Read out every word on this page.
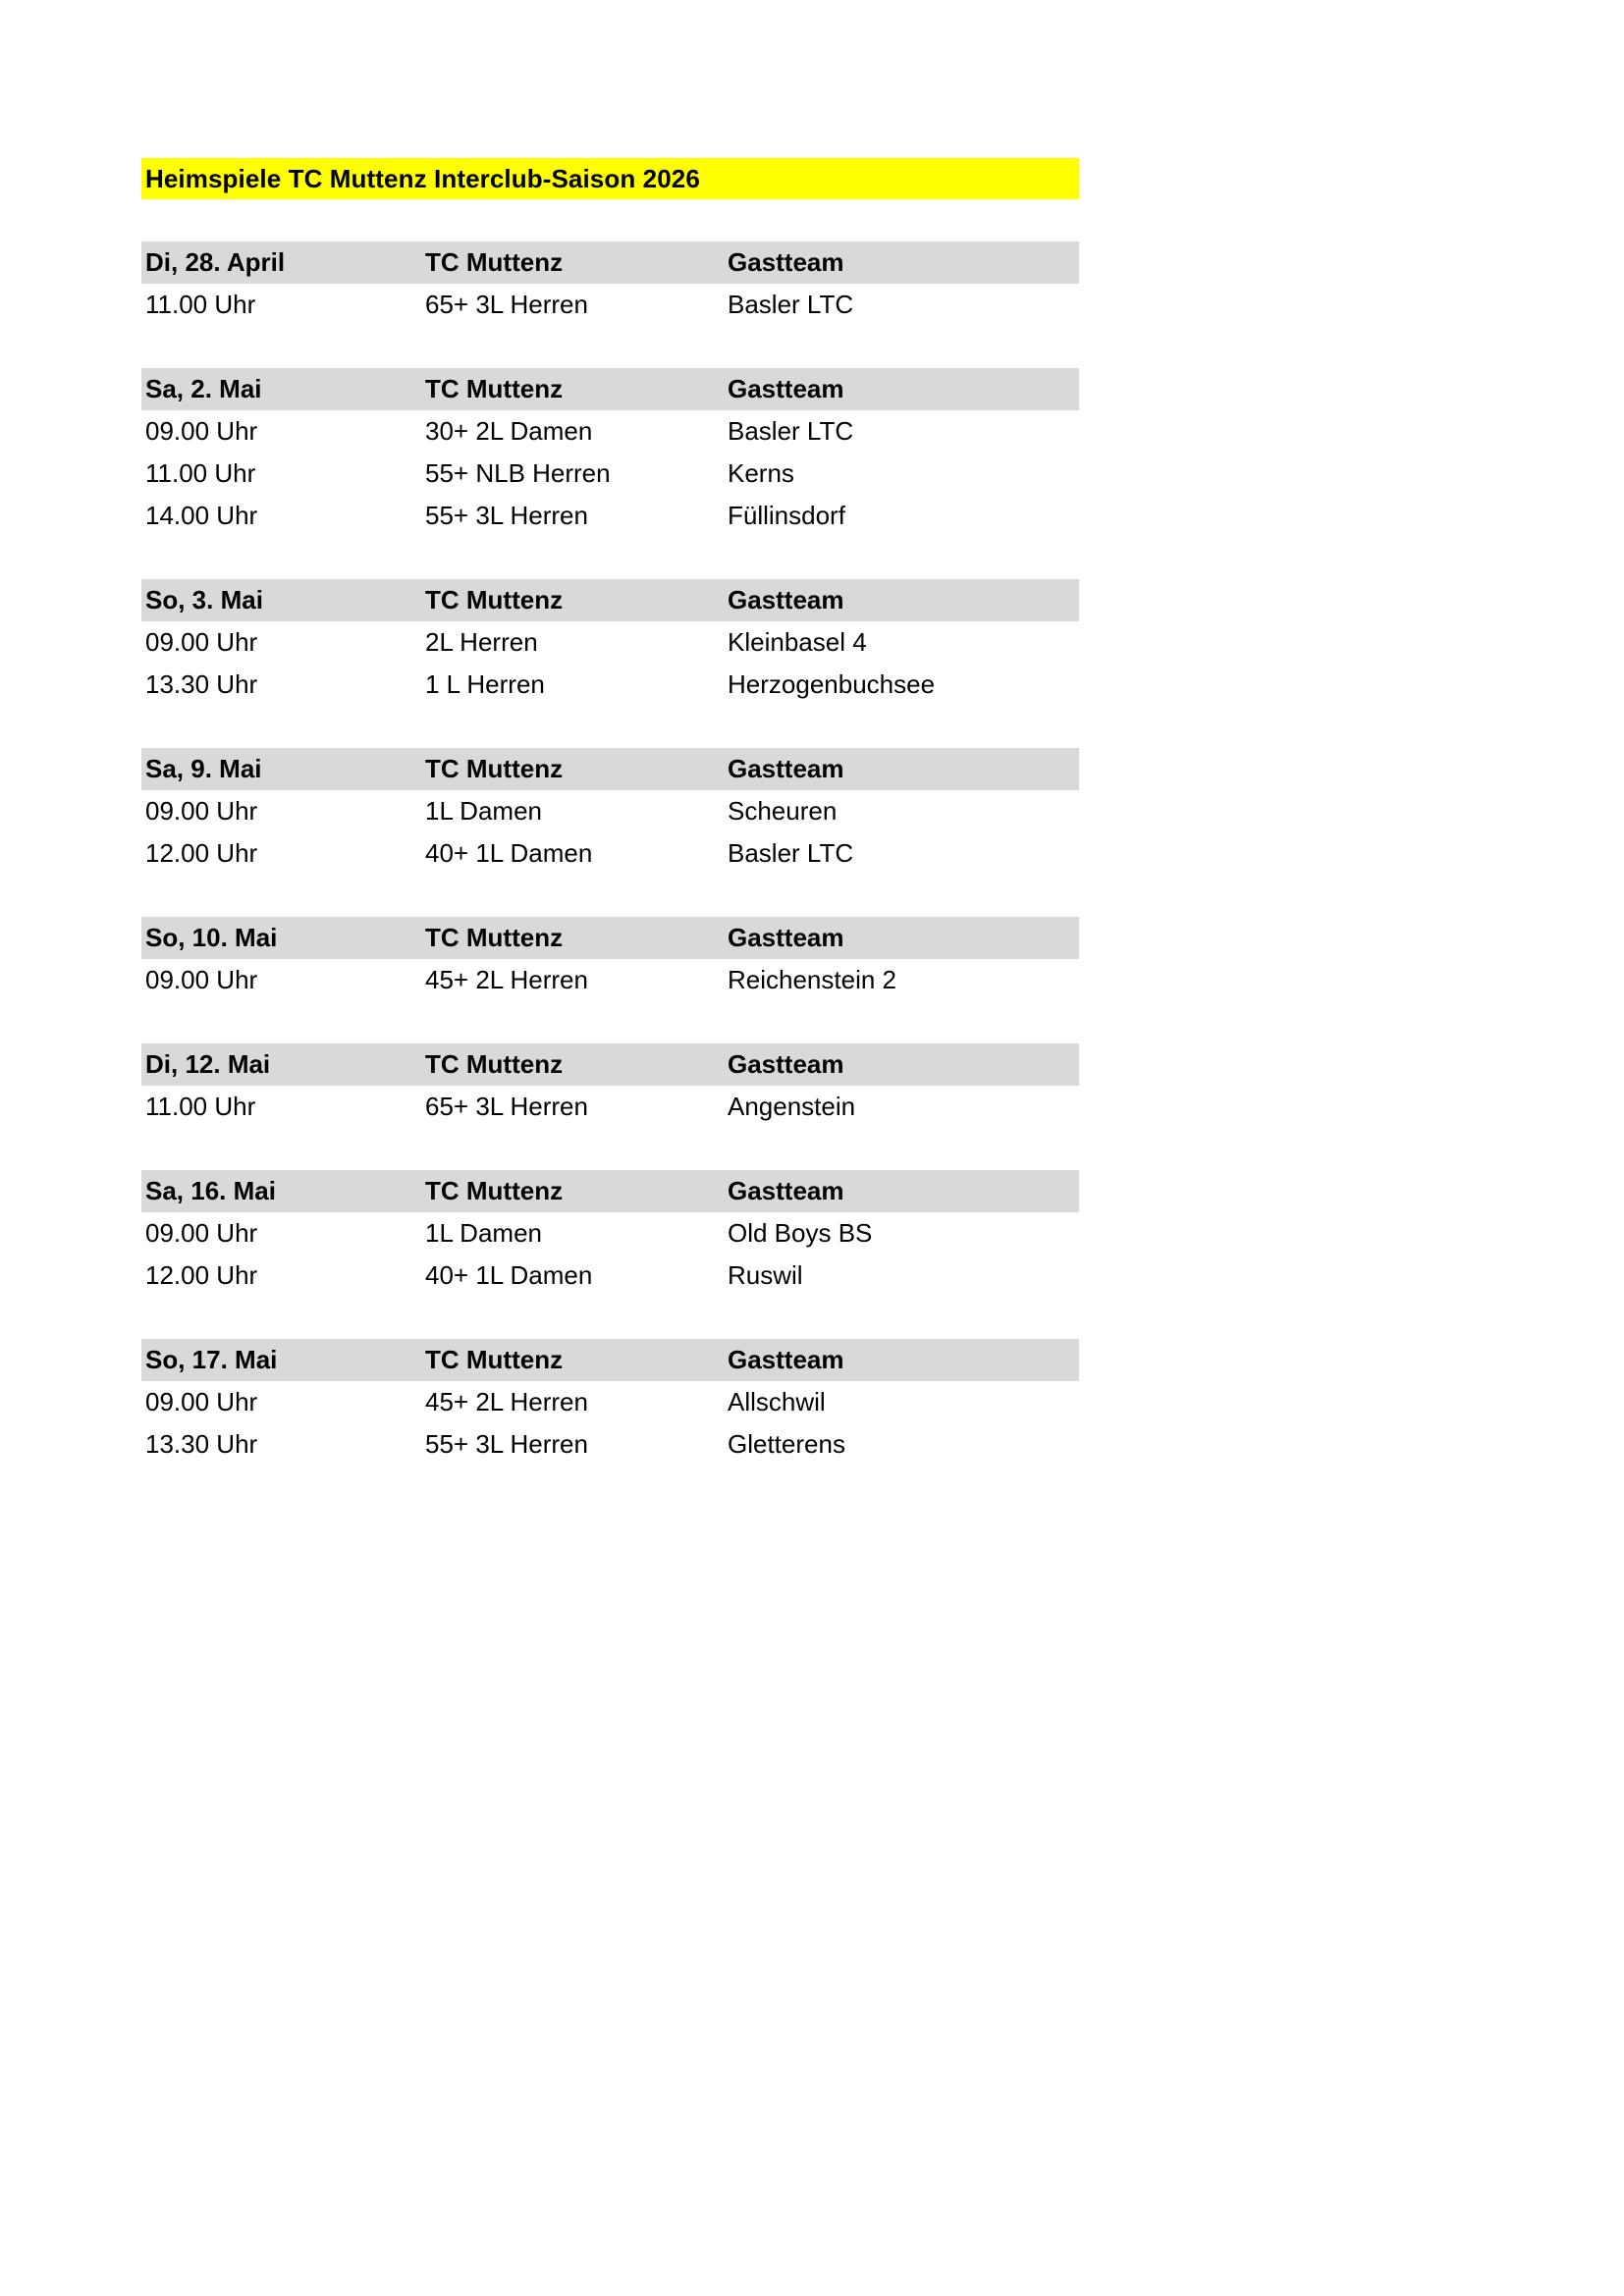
Heimspiele TC Muttenz Interclub-Saison 2026
Di, 28. April	TC Muttenz	Gastteam
11.00 Uhr	65+ 3L Herren	Basler LTC
Sa, 2. Mai	TC Muttenz	Gastteam
09.00 Uhr	30+ 2L Damen	Basler LTC
11.00 Uhr	55+ NLB Herren	Kerns
14.00 Uhr	55+ 3L Herren	Füllinsdorf
So, 3. Mai	TC Muttenz	Gastteam
09.00 Uhr	2L Herren	Kleinbasel 4
13.30 Uhr	1 L Herren	Herzogenbuchsee
Sa, 9. Mai	TC Muttenz	Gastteam
09.00 Uhr	1L Damen	Scheuren
12.00 Uhr	40+ 1L Damen	Basler LTC
So, 10. Mai	TC Muttenz	Gastteam
09.00 Uhr	45+ 2L Herren	Reichenstein 2
Di, 12. Mai	TC Muttenz	Gastteam
11.00 Uhr	65+ 3L Herren	Angenstein
Sa, 16. Mai	TC Muttenz	Gastteam
09.00 Uhr	1L Damen	Old Boys BS
12.00 Uhr	40+ 1L Damen	Ruswil
So, 17. Mai	TC Muttenz	Gastteam
09.00 Uhr	45+ 2L Herren	Allschwil
13.30 Uhr	55+ 3L Herren	Gletterens
